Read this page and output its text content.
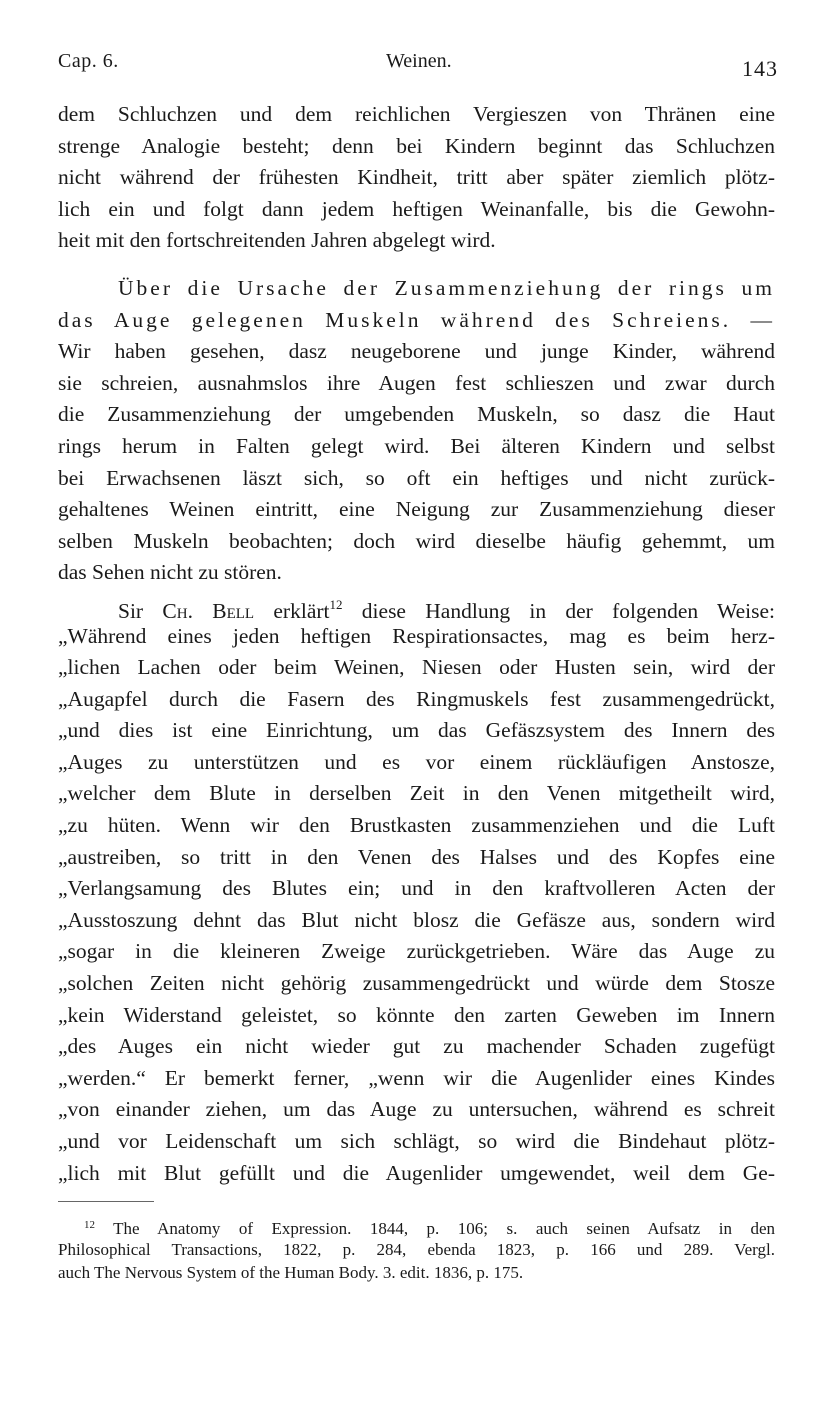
Cap. 6.	Weinen.	143
dem Schluchzen und dem reichlichen Vergieszen von Thränen eine
strenge Analogie besteht; denn bei Kindern beginnt das Schluchzen
nicht während der frühesten Kindheit, tritt aber später ziemlich plötz-
lich ein und folgt dann jedem heftigen Weinanfalle, bis die Gewohn-
heit mit den fortschreitenden Jahren abgelegt wird.
Über die Ursache der Zusammenziehung der rings um
das Auge gelegenen Muskeln während des Schreiens. —
Wir haben gesehen, dasz neugeborene und junge Kinder, während
sie schreien, ausnahmslos ihre Augen fest schlieszen und zwar durch
die Zusammenziehung der umgebenden Muskeln, so dasz die Haut
rings herum in Falten gelegt wird. Bei älteren Kindern und selbst
bei Erwachsenen läszt sich, so oft ein heftiges und nicht zurück-
gehaltenes Weinen eintritt, eine Neigung zur Zusammenziehung dieser
selben Muskeln beobachten; doch wird dieselbe häufig gehemmt, um
das Sehen nicht zu stören.
Sir Ch. Bell erklärt$^{12}$ diese Handlung in der folgenden Weise:
„Während eines jeden heftigen Respirationsactes, mag es beim herz-
„lichen Lachen oder beim Weinen, Niesen oder Husten sein, wird der
„Augapfel durch die Fasern des Ringmuskels fest zusammengedrückt,
„und dies ist eine Einrichtung, um das Gefäszsystem des Innern des
„Auges zu unterstützen und es vor einem rückläufigen Anstosze,
„welcher dem Blute in derselben Zeit in den Venen mitgetheilt wird,
„zu hüten. Wenn wir den Brustkasten zusammenziehen und die Luft
„austreiben, so tritt in den Venen des Halses und des Kopfes eine
„Verlangsamung des Blutes ein; und in den kraftvolleren Acten der
„Ausstoszung dehnt das Blut nicht blosz die Gefäsze aus, sondern wird
„sogar in die kleineren Zweige zurückgetrieben. Wäre das Auge zu
„solchen Zeiten nicht gehörig zusammengedrückt und würde dem Stosze
„kein Widerstand geleistet, so könnte den zarten Geweben im Innern
„des Auges ein nicht wieder gut zu machender Schaden zugefügt
„werden.“ Er bemerkt ferner, „wenn wir die Augenlider eines Kindes
„von einander ziehen, um das Auge zu untersuchen, während es schreit
„und vor Leidenschaft um sich schlägt, so wird die Bindehaut plötz-
„lich mit Blut gefüllt und die Augenlider umgewendet, weil dem Ge-
$^{12}$ The Anatomy of Expression. 1844, p. 106; s. auch seinen Aufsatz in den
Philosophical Transactions, 1822, p. 284, ebenda 1823, p. 166 und 289. Vergl.
auch The Nervous System of the Human Body. 3. edit. 1836, p. 175.
